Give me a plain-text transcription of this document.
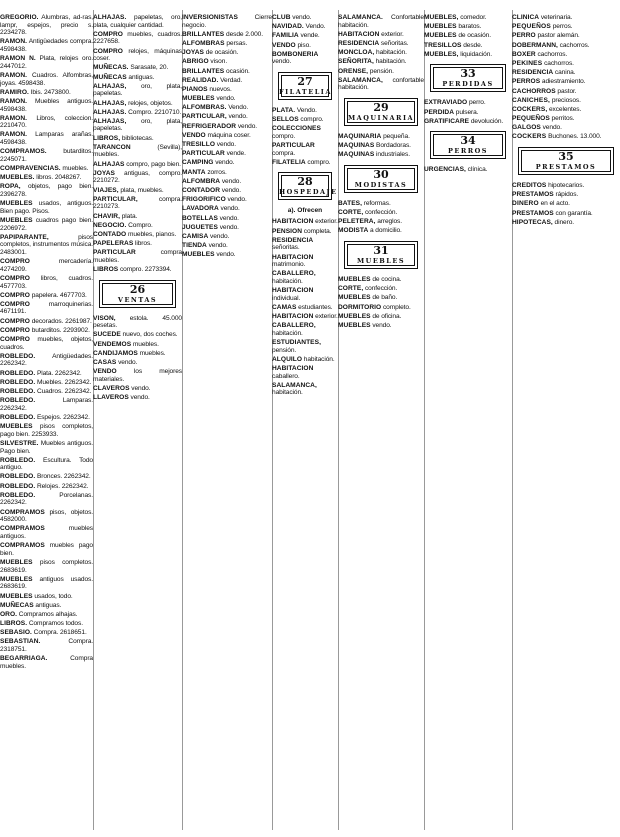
GREGORIO. Alumbras, ad-ras, lampr, espejos, precio s. 2234278.

RAMON. Antigüedades compra. 4598438.

RAMON N. Plata, relojes oro. 2447012.

RAMON. Cuadros. Alfombras, joyas. 4598438.

RAMIRO. Ibis. 2473800.

RAMON. Muebles antiguos. 4598438.

RAMON. Libros, coleccion. 2210470.

RAMON. Lamparas arañas. 4598438.

COMPRAMOS.	butarditos. 2245071.

COMPRAVENCIAS. muebles.

MUEBLES. libros. 2048267.

ROPA, objetos, pago bien. 2396278.

MUEBLES usados, antiguos. Bien pago. Pisos.

MUEBLES cuadros pago bien. 2206972.

PAPIPARANTE,	pisos completos, instrumentos música. 2483001.

COMPRO	mercadería. 4274209.

COMPRO libros, cuadros. 4577703.

COMPRO papelera. 4677703.

COMPRO	marroquinerias. 4671191.

COMPRO decorados. 2261987.

COMPRO butarditos. 2293902.

COMPRO muebles, objetos, cuadros.

ROBLEDO.	Antigüedades. 2262342.

ROBLEDO. Plata. 2262342.

ROBLEDO. Muebles. 2262342.

ROBLEDO. Cuadros. 2262342.

ROBLEDO.	Lamparas. 2262342.

ROBLEDO. Espejos. 2262342.

MUEBLES pisos completos, pago bien. 2253933.

SILVESTRE. Muebles antiguos. Pago bien.

ROBLEDO. Escultura. Todo antiguo.

ROBLEDO. Bronces. 2262342.

ROBLEDO. Relojes. 2262342.

ROBLEDO.	Porcelanas. 2262342.

COMPRAMOS pisos, objetos. 4582000.

COMPRAMOS	muebles antiguos.

COMPRAMOS muebles pago bien.

MUEBLES pisos completos. 2683619.

MUEBLES antiguos usados. 2683619.

MUEBLES usados, todo.

MUÑECAS antiguas.

ORO. Compramos alhajas.

LIBROS. Compramos todos.

SEBASIO. Compra. 2618651.

SEBASTIAN.	Compra. 2318751.

BEGARRIAGA.	Compra muebles.

ALHAJAS. papeletas, oro, plata, cualquier cantidad.

COMPRO muebles, cuadros. 2227658.

COMPRO relojes, máquinas coser.

MUÑECAS. Sarasate, 20.

MUÑECAS antiguas.

ALHAJAS, oro, plata, papeletas.

ALHAJAS, relojes, objetos.

ALHAJAS. Compro. 2210710.

ALHAJAS, oro, plata, papeletas.

LIBROS, bibliotecas.

TARANCON	(Sevilla), muebles.

ALHAJAS compro, pago bien.

JOYAS antiguas, compro. 2210272.

VIAJES, plata, muebles.

PARTICULAR,	compra. 2210273.

CHAVIR, plata.

NEGOCIO. Compro.

CONTADO muebles, pianos.

PAPELERAS libros.

PARTICULAR	compra muebles.

LIBROS compro. 2273394.

26
VENTAS

VISON, estola. 45.000 pesetas.

SUCEDE nuevo, dos coches.

VENDEMOS muebles.

CANDIJAMOS muebles.

CASAS vendo.

VENDO	los mejores materiales.

CLAVEROS vendo.

LLAVEROS vendo.

INVERSIONISTAS	Cierre negocio.

BRILLANTES desde 2.000.

ALFOMBRAS persas.

JOYAS de ocasión.

ABRIGO vison.

BRILLANTES ocasión.

REALIDAD. Verdad.

PIANOS nuevos.

MUEBLES vendo.

ALFOMBRAS. Vendo.

PARTICULAR, vendo.

REFRIGERADOR vendo.

VENDO máquina coser.

TRESILLO vendo.

PARTICULAR vende.

CAMPING vendo.

MANTA zorros.

ALFOMBRA vendo.

CONTADOR vendo.

FRIGORIFICO vendo.

LAVADORA vendo.

BOTELLAS vendo.

JUGUETES vendo.

CAMISA vendo.

TIENDA vendo.

MUEBLES vendo.

CLUB vendo.

NAVIDAD. Vendo.

FAMILIA vende.

VENDO piso.

BOMBONERIA vendo.

27
FILATELIA

PLATA. Vendo.

SELLOS compro.

COLECCIONES compro.

PARTICULAR compra.

FILATELIA compro.

28
HOSPEDAJE

a). Ofrecen

HABITACION exterior.

PENSION completa.

RESIDENCIA señoritas.

HABITACION matrimonio.

CABALLERO, habitación.

HABITACION individual.

CAMAS estudiantes.

HABITACION exterior.

CABALLERO, habitación.

ESTUDIANTES, pensión.

ALQUILO habitación.

HABITACION caballero.

SALAMANCA, habitación.

SALAMANCA. Confortable habitación.

HABITACION exterior.

RESIDENCIA señoritas.

MONCLOA, habitación.

SEÑORITA, habitación.

ORENSE, pensión.

SALAMANCA, confortable habitación.

29
MAQUINARIA

MAQUINARIA pequeña.

MAQUINAS Bordadoras.

MAQUINAS industriales.

30
MODISTAS

BATES, reformas.

CORTE, confección.

PELETERA, arreglos.

MODISTA a domicilio.

31
MUEBLES

MUEBLES de cocina.

CORTE, confección.

MUEBLES de baño.

DORMITORIO completo.

MUEBLES de oficina.

MUEBLES vendo.

MUEBLES, comedor.

MUEBLES baratos.

MUEBLES de ocasión.

TRESILLOS desde.

MUEBLES, liquidación.

33
PERDIDAS

EXTRAVIADO perro.

PERDIDA pulsera.

GRATIFICARE devolución.

34
PERROS

URGENCIAS, clínica.

CLINICA veterinaria.

PEQUEÑOS perros.

PERRO pastor alemán.

DOBERMANN, cachorros.

BOXER cachorros.

PEKINES cachorros.

RESIDENCIA canina.

PERROS adiestramiento.

CACHORROS pastor.

CANICHES, preciosos.

COCKERS, excelentes.

PEQUEÑOS perritos.

GALGOS vendo.

COCKERS Buchones. 13.000.

35
PRESTAMOS

CREDITOS hipotecarios.

PRESTAMOS rápidos.

DINERO en el acto.

PRESTAMOS con garantía.

HIPOTECAS, dinero.
